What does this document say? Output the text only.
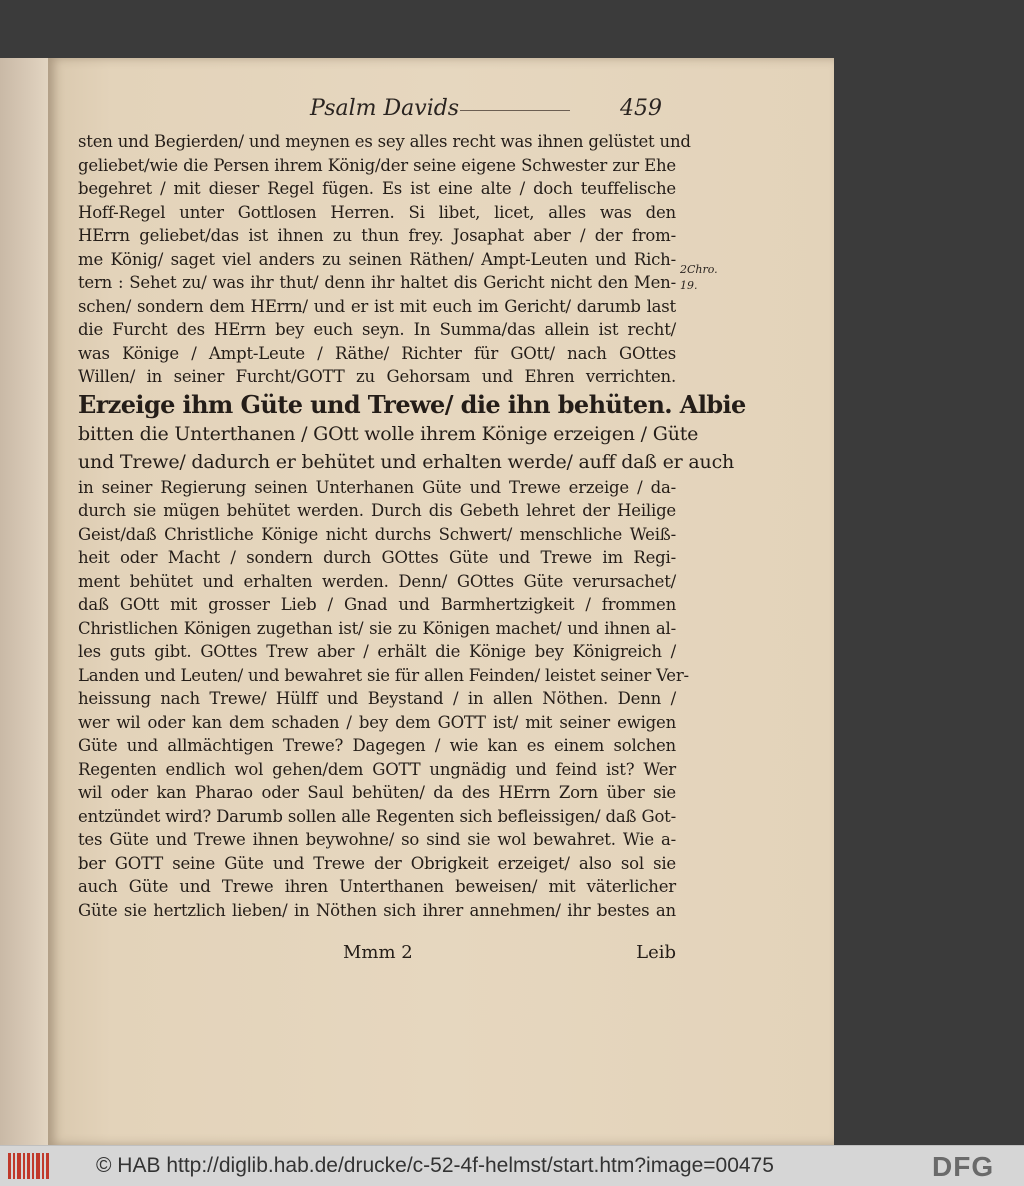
Psalm Davids	459
sten und Begierden/ und meynen es sey alles recht was ihnen gelüstet und
geliebet/wie die Persen ihrem König/der seine eigene Schwester zur Ehe
begehret / mit dieser Regel fügen. Es ist eine alte / doch teuffelische
Hoff-Regel unter Gottlosen Herren. Si libet, licet, alles was den
HErrn geliebet/das ist ihnen zu thun frey. Josaphat aber / der from-
me König/ saget viel anders zu seinen Räthen/ Ampt-Leuten und Rich-
tern : Sehet zu/ was ihr thut/ denn ihr haltet dis Gericht nicht den Men-
schen/ sondern dem HErrn/ und er ist mit euch im Gericht/ darumb last
die Furcht des HErrn bey euch seyn. In Summa/das allein ist recht/
was Könige / Ampt-Leute / Räthe/ Richter für GOtt/ nach GOttes
Willen/ in seiner Furcht/GOTT zu Gehorsam und Ehren verrichten.
Erzeige ihm Güte und Trewe/ die ihn behüten. Albie
bitten die Unterthanen / GOtt wolle ihrem Könige erzeigen / Güte
und Trewe/ dadurch er behütet und erhalten werde/ auff daß er auch
in seiner Regierung seinen Unterhanen Güte und Trewe erzeige / da-
durch sie mügen behütet werden. Durch dis Gebeth lehret der Heilige
Geist/daß Christliche Könige nicht durchs Schwert/ menschliche Weiß-
heit oder Macht / sondern durch GOttes Güte und Trewe im Regi-
ment behütet und erhalten werden. Denn/ GOttes Güte verursachet/
daß GOtt mit grosser Lieb / Gnad und Barmhertzigkeit / frommen
Christlichen Königen zugethan ist/ sie zu Königen machet/ und ihnen al-
les guts gibt. GOttes Trew aber / erhält die Könige bey Königreich /
Landen und Leuten/ und bewahret sie für allen Feinden/ leistet seiner Ver-
heissung nach Trewe/ Hülff und Beystand / in allen Nöthen. Denn /
wer wil oder kan dem schaden / bey dem GOTT ist/ mit seiner ewigen
Güte und allmächtigen Trewe? Dagegen / wie kan es einem solchen
Regenten endlich wol gehen/dem GOTT ungnädig und feind ist? Wer
wil oder kan Pharao oder Saul behüten/ da des HErrn Zorn über sie
entzündet wird? Darumb sollen alle Regenten sich befleissigen/ daß Got-
tes Güte und Trewe ihnen beywohne/ so sind sie wol bewahret. Wie a-
ber GOTT seine Güte und Trewe der Obrigkeit erzeiget/ also sol sie
auch Güte und Trewe ihren Unterthanen beweisen/ mit väterlicher
Güte sie hertzlich lieben/ in Nöthen sich ihrer annehmen/ ihr bestes an
2Chro.
19.
Mmm 2	Leib
© HAB http://diglib.hab.de/drucke/c-52-4f-helmst/start.htm?image=00475	DFG
